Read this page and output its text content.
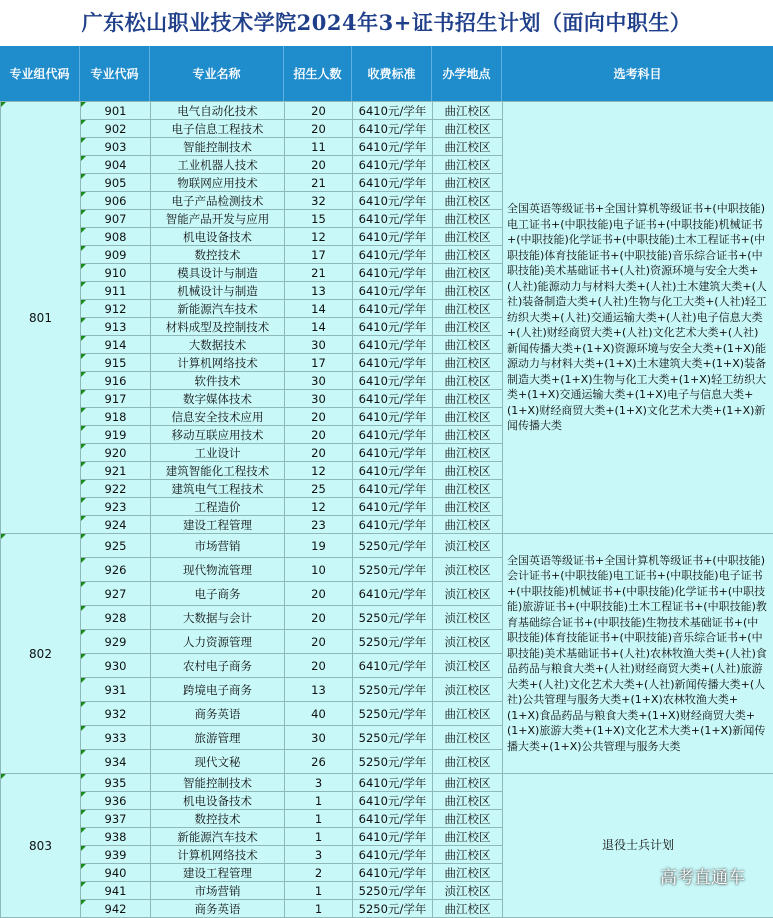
广东松山职业技术学院2024年3+证书招生计划（面向中职生）
专业组代码	专业代码	专业名称	招生人数	收费标准	办学地点	选考科目
801	901	电气自动化技术	20	6410元/学年	曲江校区	全国英语等级证书+全国计算机等级证书+(中职技能)电工证书+(中职技能)电子证书+(中职技能)机械证书+(中职技能)化学证书+(中职技能)土木工程证书+(中职技能)体育技能证书+(中职技能)音乐综合证书+(中职技能)美术基础证书+(人社)资源环境与安全大类+(人社)能源动力与材料大类+(人社)土木建筑大类+(人社)装备制造大类+(人社)生物与化工大类+(人社)轻工纺织大类+(人社)交通运输大类+(人社)电子信息大类+(人社)财经商贸大类+(人社)文化艺术大类+(人社)新闻传播大类+(1+X)资源环境与安全大类+(1+X)能源动力与材料大类+(1+X)土木建筑大类+(1+X)装备制造大类+(1+X)生物与化工大类+(1+X)轻工纺织大类+(1+X)交通运输大类+(1+X)电子与信息大类+(1+X)财经商贸大类+(1+X)文化艺术大类+(1+X)新闻传播大类
	902	电子信息工程技术	20	6410元/学年	曲江校区	
	903	智能控制技术	11	6410元/学年	曲江校区	
	904	工业机器人技术	20	6410元/学年	曲江校区	
	905	物联网应用技术	21	6410元/学年	曲江校区	
	906	电子产品检测技术	32	6410元/学年	曲江校区	
	907	智能产品开发与应用	15	6410元/学年	曲江校区	
	908	机电设备技术	12	6410元/学年	曲江校区	
	909	数控技术	17	6410元/学年	曲江校区	
	910	模具设计与制造	21	6410元/学年	曲江校区	
	911	机械设计与制造	13	6410元/学年	曲江校区	
	912	新能源汽车技术	14	6410元/学年	曲江校区	
	913	材料成型及控制技术	14	6410元/学年	曲江校区	
	914	大数据技术	30	6410元/学年	曲江校区	
	915	计算机网络技术	17	6410元/学年	曲江校区	
	916	软件技术	30	6410元/学年	曲江校区	
	917	数字媒体技术	30	6410元/学年	曲江校区	
	918	信息安全技术应用	20	6410元/学年	曲江校区	
	919	移动互联应用技术	20	6410元/学年	曲江校区	
	920	工业设计	20	6410元/学年	曲江校区	
	921	建筑智能化工程技术	12	6410元/学年	曲江校区	
	922	建筑电气工程技术	25	6410元/学年	曲江校区	
	923	工程造价	12	6410元/学年	曲江校区	
	924	建设工程管理	23	6410元/学年	曲江校区	
802	925	市场营销	19	5250元/学年	浈江校区	全国英语等级证书+全国计算机等级证书+(中职技能)会计证书+(中职技能)电工证书+(中职技能)电子证书+(中职技能)机械证书+(中职技能)化学证书+(中职技能)旅游证书+(中职技能)土木工程证书+(中职技能)教育基础综合证书+(中职技能)生物技术基础证书+(中职技能)体育技能证书+(中职技能)音乐综合证书+(中职技能)美术基础证书+(人社)农林牧渔大类+(人社)食品药品与粮食大类+(人社)财经商贸大类+(人社)旅游大类+(人社)文化艺术大类+(人社)新闻传播大类+(人社)公共管理与服务大类+(1+X)农林牧渔大类+(1+X)食品药品与粮食大类+(1+X)财经商贸大类+(1+X)旅游大类+(1+X)文化艺术大类+(1+X)新闻传播大类+(1+X)公共管理与服务大类
	926	现代物流管理	10	5250元/学年	浈江校区	
	927	电子商务	20	6410元/学年	浈江校区	
	928	大数据与会计	20	5250元/学年	浈江校区	
	929	人力资源管理	20	5250元/学年	浈江校区	
	930	农村电子商务	20	6410元/学年	浈江校区	
	931	跨境电子商务	13	5250元/学年	浈江校区	
	932	商务英语	40	5250元/学年	曲江校区	
	933	旅游管理	30	5250元/学年	曲江校区	
	934	现代文秘	26	5250元/学年	曲江校区	
803	935	智能控制技术	3	6410元/学年	曲江校区	退役士兵计划
	936	机电设备技术	1	6410元/学年	曲江校区	
	937	数控技术	1	6410元/学年	曲江校区	
	938	新能源汽车技术	1	6410元/学年	曲江校区	
	939	计算机网络技术	3	6410元/学年	曲江校区	
	940	建设工程管理	2	6410元/学年	曲江校区	
	941	市场营销	1	5250元/学年	浈江校区	
	942	商务英语	1	5250元/学年	曲江校区	
高考直通车
